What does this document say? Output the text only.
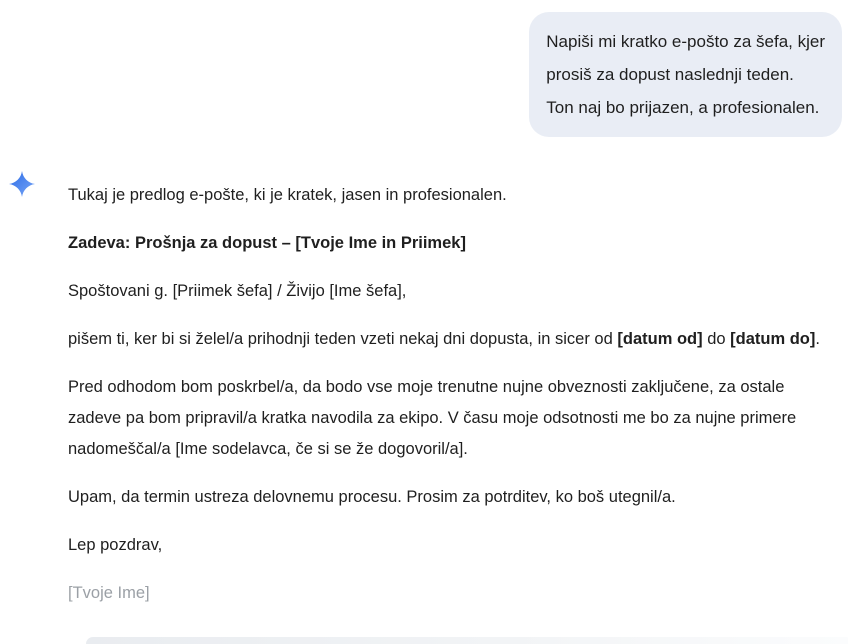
Napiši mi kratko e-pošto za šefa, kjer
prosiš za dopust naslednji teden.
Ton naj bo prijazen, a profesionalen.

Tukaj je predlog e-pošte, ki je kratek, jasen in profesionalen.

Zadeva: Prošnja za dopust – [Tvoje Ime in Priimek]

Spoštovani g. [Priimek šefa] / Živijo [Ime šefa],

pišem ti, ker bi si želel/a prihodnji teden vzeti nekaj dni dopusta, in sicer od [datum od] do [datum do].

Pred odhodom bom poskrbel/a, da bodo vse moje trenutne nujne obveznosti zaključene, za ostale zadeve pa bom pripravil/a kratka navodila za ekipo. V času moje odsotnosti me bo za nujne primere nadomeščal/a [Ime sodelavca, če si se že dogovoril/a].

Upam, da termin ustreza delovnemu procesu. Prosim za potrditev, ko boš utegnil/a.

Lep pozdrav,

[Tvoje Ime]
